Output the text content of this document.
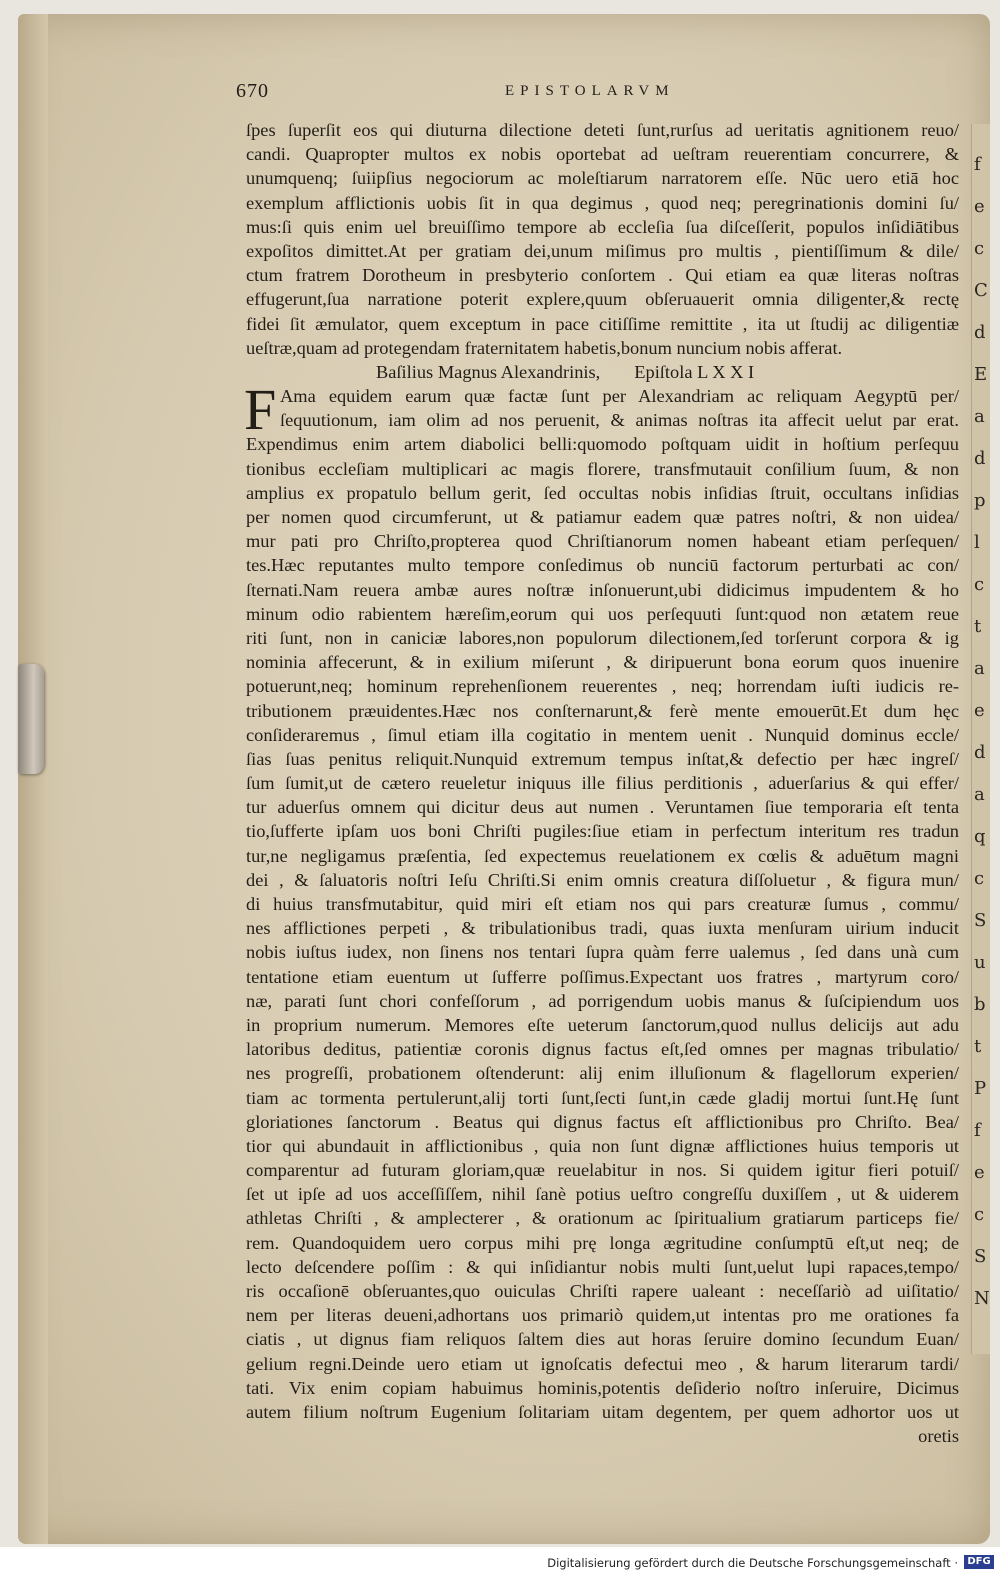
f
e
c
C
d
E
a
d
p
l
c
t
a
e
d
a
q
c
S
u
b
t
P
f
e
c
S
N
670	EPISTOLARVM
ſpes ſuperſit eos qui diuturna dilectione deteti ſunt,rurſus ad ueritatis agnitionem reuo/
candi. Quapropter multos ex nobis oportebat ad ueſtram reuerentiam concurrere, &
unumquenq; ſuiipſius negociorum ac moleſtiarum narratorem eſſe. Nūc uero etiā hoc
exemplum afflictionis uobis ſit in qua degimus , quod neq; peregrinationis domini ſu/
mus:ſi quis enim uel breuiſſimo tempore ab eccleſia ſua diſceſſerit, populos inſidiātibus
expoſitos dimittet.At per gratiam dei,unum miſimus pro multis , pientiſſimum & dile/
ctum fratrem Dorotheum in presbyterio conſortem . Qui etiam ea quæ literas noſtras
effugerunt,ſua narratione poterit explere,quum obſeruauerit omnia diligenter,& rectę
fidei ſit æmulator, quem exceptum in pace citiſſime remittite , ita ut ſtudij ac diligentiæ
ueſtræ,quam ad protegendam fraternitatem habetis,bonum nuncium nobis afferat.
Baſilius Magnus Alexandrinis, Epiſtola L X X I
F Ama equidem earum quæ factæ ſunt per Alexandriam ac reliquam Aegyptū per/
ſequutionum, iam olim ad nos peruenit, & animas noſtras ita affecit uelut par erat.
Expendimus enim artem diabolici belli:quomodo poſtquam uidit in hoſtium perſequu
tionibus eccleſiam multiplicari ac magis florere, transfmutauit conſilium ſuum, & non
amplius ex propatulo bellum gerit, ſed occultas nobis inſidias ſtruit, occultans inſidias
per nomen quod circumferunt, ut & patiamur eadem quæ patres noſtri, & non uidea/
mur pati pro Chriſto,propterea quod Chriſtianorum nomen habeant etiam perſequen/
tes.Hæc reputantes multo tempore conſedimus ob nunciū factorum perturbati ac con/
ſternati.Nam reuera ambæ aures noſtræ inſonuerunt,ubi didicimus impudentem & ho
minum odio rabientem hæreſim,eorum qui uos perſequuti ſunt:quod non ætatem reue
riti ſunt, non in caniciæ labores,non populorum dilectionem,ſed torſerunt corpora & ig
nominia affecerunt, & in exilium miſerunt , & diripuerunt bona eorum quos inuenire
potuerunt,neq; hominum reprehenſionem reuerentes , neq; horrendam iuſti iudicis re-
tributionem præuidentes.Hæc nos conſternarunt,& ferè mente emouerūt.Et dum hęc
conſideraremus , ſimul etiam illa cogitatio in mentem uenit . Nunquid dominus eccle/
ſias ſuas penitus reliquit.Nunquid extremum tempus inſtat,& defectio per hæc ingreſ/
ſum ſumit,ut de cætero reueletur iniquus ille filius perditionis , aduerſarius & qui effer/
tur aduerſus omnem qui dicitur deus aut numen . Veruntamen ſiue temporaria eſt tenta
tio,ſufferte ipſam uos boni Chriſti pugiles:ſiue etiam in perfectum interitum res tradun
tur,ne negligamus præſentia, ſed expectemus reuelationem ex cœlis & aduētum magni
dei , & ſaluatoris noſtri Ieſu Chriſti.Si enim omnis creatura diſſoluetur , & figura mun/
di huius transfmutabitur, quid miri eſt etiam nos qui pars creaturæ ſumus , commu/
nes afflictiones perpeti , & tribulationibus tradi, quas iuxta menſuram uirium inducit
nobis iuſtus iudex, non ſinens nos tentari ſupra quàm ferre ualemus , ſed dans unà cum
tentatione etiam euentum ut ſufferre poſſimus.Expectant uos fratres , martyrum coro/
næ, parati ſunt chori confeſſorum , ad porrigendum uobis manus & ſuſcipiendum uos
in proprium numerum. Memores eſte ueterum ſanctorum,quod nullus delicijs aut adu
latoribus deditus, patientiæ coronis dignus factus eſt,ſed omnes per magnas tribulatio/
nes progreſſi, probationem oſtenderunt: alij enim illuſionum & flagellorum experien/
tiam ac tormenta pertulerunt,alij torti ſunt,ſecti ſunt,in cæde gladij mortui ſunt.Hę ſunt
gloriationes ſanctorum . Beatus qui dignus factus eſt afflictionibus pro Chriſto. Bea/
tior qui abundauit in afflictionibus , quia non ſunt dignæ afflictiones huius temporis ut
comparentur ad futuram gloriam,quæ reuelabitur in nos. Si quidem igitur fieri potuiſ/
ſet ut ipſe ad uos acceſſiſſem, nihil ſanè potius ueſtro congreſſu duxiſſem , ut & uiderem
athletas Chriſti , & amplecterer , & orationum ac ſpiritualium gratiarum particeps fie/
rem. Quandoquidem uero corpus mihi prę longa ægritudine conſumptū eſt,ut neq; de
lecto deſcendere poſſim : & qui inſidiantur nobis multi ſunt,uelut lupi rapaces,tempo/
ris occaſionē obſeruantes,quo ouiculas Chriſti rapere ualeant : neceſſariò ad uiſitatio/
nem per literas deueni,adhortans uos primariò quidem,ut intentas pro me orationes fa
ciatis , ut dignus fiam reliquos ſaltem dies aut horas ſeruire domino ſecundum Euan/
gelium regni.Deinde uero etiam ut ignoſcatis defectui meo , & harum literarum tardi/
tati. Vix enim copiam habuimus hominis,potentis deſiderio noſtro inſeruire, Dicimus
autem filium noſtrum Eugenium ſolitariam uitam degentem, per quem adhortor uos ut
oretis
Digitalisierung gefördert durch die Deutsche Forschungsgemeinschaft · DFG
